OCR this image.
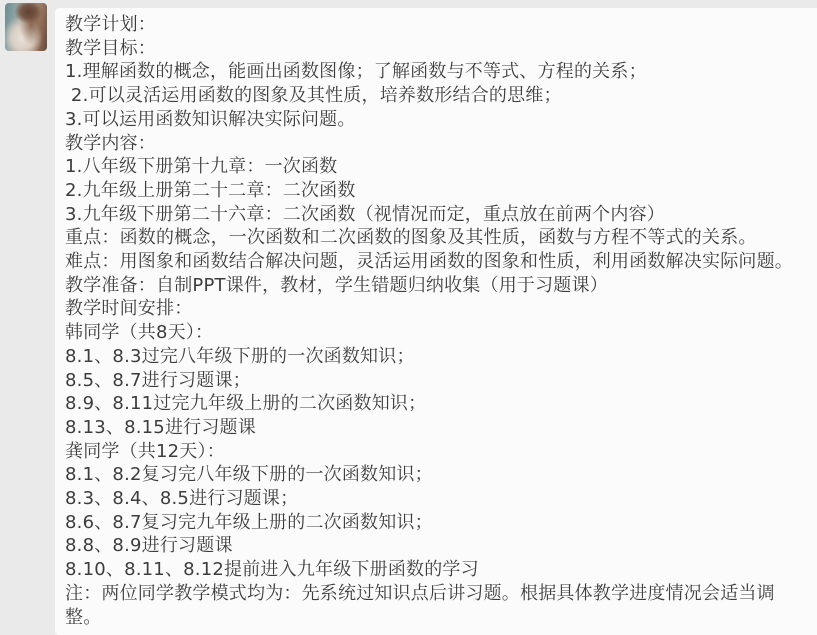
教学计划：
教学目标：
1.理解函数的概念，能画出函数图像；了解函数与不等式、方程的关系；
2.可以灵活运用函数的图象及其性质，培养数形结合的思维；
3.可以运用函数知识解决实际问题。
教学内容：
1.八年级下册第十九章：一次函数
2.九年级上册第二十二章：二次函数
3.九年级下册第二十六章：二次函数（视情况而定，重点放在前两个内容）
重点：函数的概念，一次函数和二次函数的图象及其性质，函数与方程不等式的关系。
难点：用图象和函数结合解决问题，灵活运用函数的图象和性质，利用函数解决实际问题。
教学准备：自制PPT课件，教材，学生错题归纳收集（用于习题课）
教学时间安排：
韩同学（共8天）：
8.1、8.3过完八年级下册的一次函数知识；
8.5、8.7进行习题课；
8.9、8.11过完九年级上册的二次函数知识；
8.13、8.15进行习题课
龚同学（共12天）：
8.1、8.2复习完八年级下册的一次函数知识；
8.3、8.4、8.5进行习题课；
8.6、8.7复习完九年级上册的二次函数知识；
8.8、8.9进行习题课
8.10、8.11、8.12提前进入九年级下册函数的学习
注：两位同学教学模式均为：先系统过知识点后讲习题。根据具体教学进度情况会适当调整。
